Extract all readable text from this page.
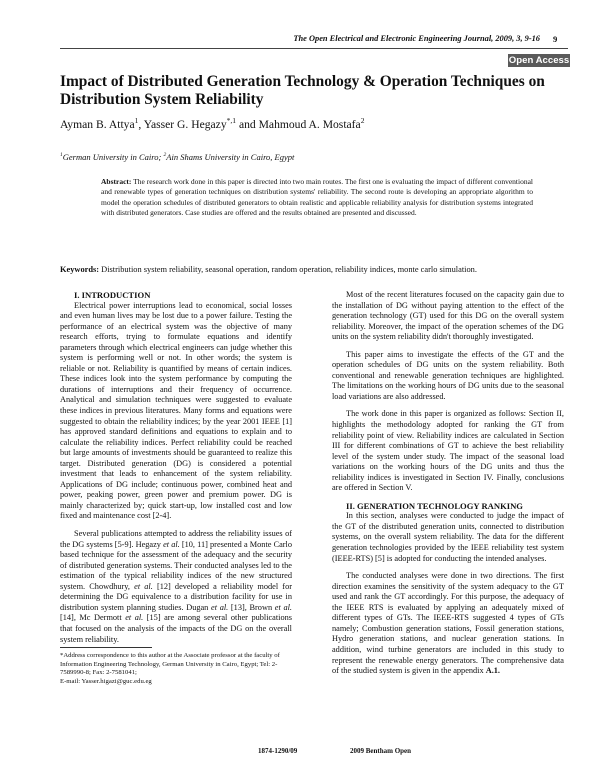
The Open Electrical and Electronic Engineering Journal, 2009, 3, 9-16 9
Open Access
Impact of Distributed Generation Technology & Operation Techniques on Distribution System Reliability
Ayman B. Attya$^1$, Yasser G. Hegazy$^{*,1}$ and Mahmoud A. Mostafa$^2$
$^1$German University in Cairo; $^2$Ain Shams University in Cairo, Egypt
Abstract: The research work done in this paper is directed into two main routes. The first one is evaluating the impact of different conventional and renewable types of generation techniques on distribution systems' reliability. The second route is developing an appropriate algorithm to model the operation schedules of distributed generators to obtain realistic and applicable reliability analysis for distribution systems integrated with distributed generators. Case studies are offered and the results obtained are presented and discussed.
Keywords: Distribution system reliability, seasonal operation, random operation, reliability indices, monte carlo simulation.

I. INTRODUCTION

Electrical power interruptions lead to economical, social losses and even human lives may be lost due to a power failure. Testing the performance of an electrical system was the objective of many research efforts, trying to formulate equations and identify parameters through which electrical engineers can judge whether this system is performing well or not. In other words; the system is reliable or not. Reliability is quantified by means of certain indices. These indices look into the system performance by computing the durations of interruptions and their frequency of occurrence. Analytical and simulation techniques were suggested to evaluate these indices in previous literatures. Many forms and equations were suggested to obtain the reliability indices; by the year 2001 IEEE [1] has approved standard definitions and equations to explain and to calculate the reliability indices. Perfect reliability could be reached but large amounts of investments should be guaranteed to realize this target. Distributed generation (DG) is considered a potential investment that leads to enhancement of the system reliability. Applications of DG include; continuous power, combined heat and power, peaking power, green power and premium power. DG is mainly characterized by; quick start-up, low installed cost and low fixed and maintenance cost [2-4].

Several publications attempted to address the reliability issues of the DG systems [5-9]. Hegazy et al. [10, 11] presented a Monte Carlo based technique for the assessment of the adequacy and the security of distributed generation systems. Their conducted analyses led to the estimation of the typical reliability indices of the new structured system. Chowdhury, et al. [12] developed a reliability model for determining the DG equivalence to a distribution facility for use in distribution system planning studies. Dugan et al. [13], Brown et al. [14], Mc Dermott et al. [15] are among several other publications that focused on the analysis of the impacts of the DG on the overall system reliability.

*Address correspondence to this author at the Associate professor at the faculty of Information Engineering Technology, German University in Cairo, Egypt; Tel: 2-7589990-8; Fax: 2-7581041;

E-mail: Yasser.higazi@guc.edu.eg

Most of the recent literatures focused on the capacity gain due to the installation of DG without paying attention to the effect of the generation technology (GT) used for this DG on the overall system reliability. Moreover, the impact of the operation schemes of the DG units on the system reliability didn't thoroughly investigated.

This paper aims to investigate the effects of the GT and the operation schedules of DG units on the system reliability. Both conventional and renewable generation techniques are highlighted. The limitations on the working hours of DG units due to the seasonal load variations are also addressed.

The work done in this paper is organized as follows: Section II, highlights the methodology adopted for ranking the GT from reliability point of view. Reliability indices are calculated in Section III for different combinations of GT to achieve the best reliability level of the system under study. The impact of the seasonal load variations on the working hours of the DG units and thus the reliability indices is investigated in Section IV. Finally, conclusions are offered in Section V.

II. GENERATION TECHNOLOGY RANKING

In this section, analyses were conducted to judge the impact of the GT of the distributed generation units, connected to distribution systems, on the overall system reliability. The data for the different generation technologies provided by the IEEE reliability test system (IEEE-RTS) [5] is adopted for conducting the intended analyses.

The conducted analyses were done in two directions. The first direction examines the sensitivity of the system adequacy to the GT used and rank the GT accordingly. For this purpose, the adequacy of the IEEE RTS is evaluated by applying an adequately mixed of different types of GTs. The IEEE-RTS suggested 4 types of GTs namely; Combustion generation stations, Fossil generation stations, Hydro generation stations, and nuclear generation stations. In addition, wind turbine generators are included in this study to represent the renewable energy generators. The comprehensive data of the studied system is given in the appendix A.1.

1874-1290/09	2009 Bentham Open
